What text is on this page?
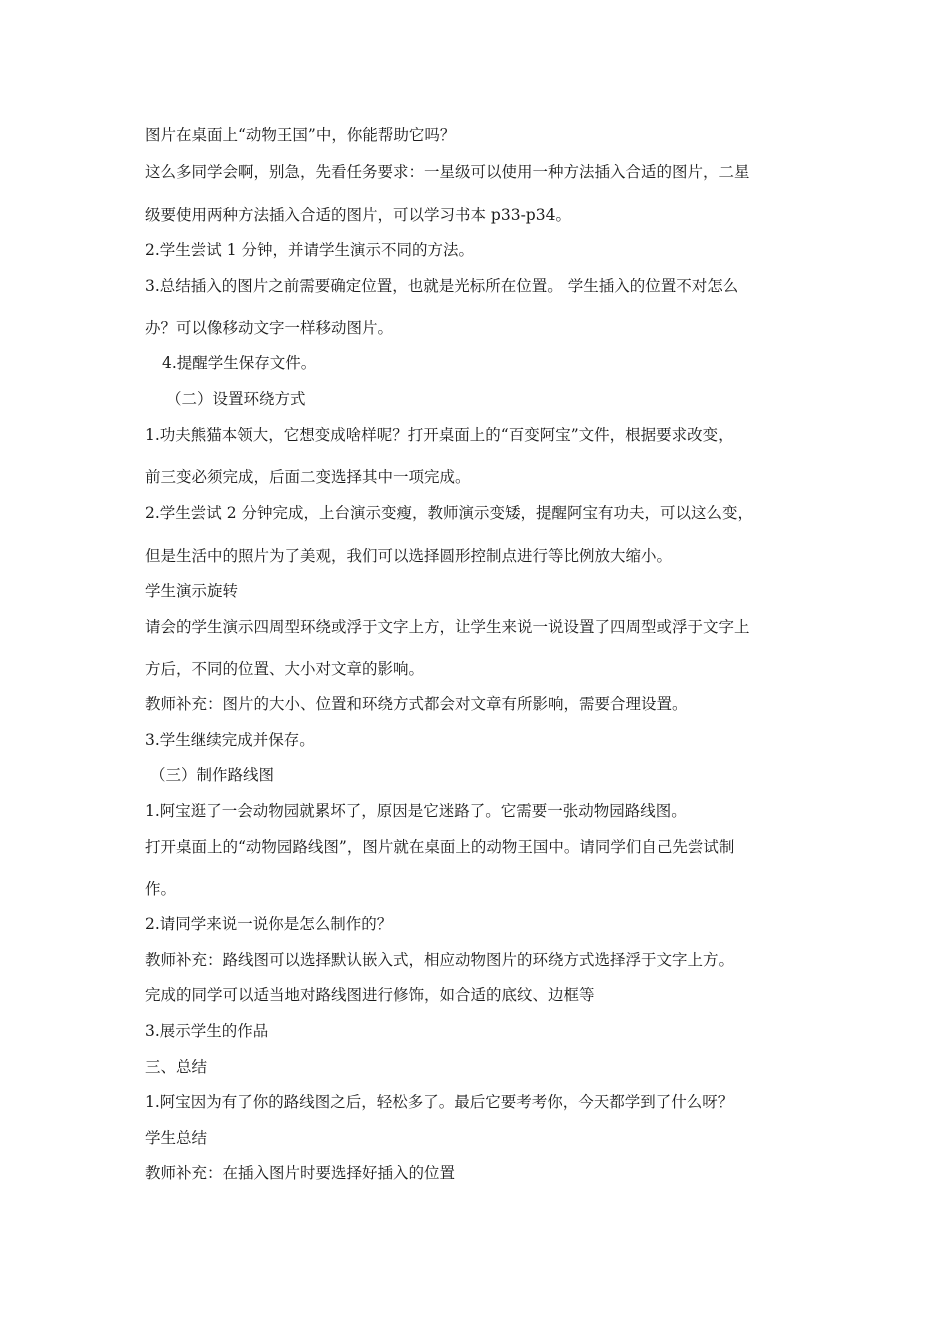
图片在桌面上“动物王国”中，你能帮助它吗？
这么多同学会啊，别急，先看任务要求：一星级可以使用一种方法插入合适的图片，二星
级要使用两种方法插入合适的图片，可以学习书本 p33-p34。
2.学生尝试 1 分钟，并请学生演示不同的方法。
3.总结插入的图片之前需要确定位置，也就是光标所在位置。 学生插入的位置不对怎么
办？可以像移动文字一样移动图片。
4.提醒学生保存文件。
（二）设置环绕方式
1.功夫熊猫本领大，它想变成啥样呢？打开桌面上的“百变阿宝”文件，根据要求改变，
前三变必须完成，后面二变选择其中一项完成。
2.学生尝试 2 分钟完成，上台演示变瘦，教师演示变矮，提醒阿宝有功夫，可以这么变，
但是生活中的照片为了美观，我们可以选择圆形控制点进行等比例放大缩小。
学生演示旋转
请会的学生演示四周型环绕或浮于文字上方，让学生来说一说设置了四周型或浮于文字上
方后，不同的位置、大小对文章的影响。
教师补充：图片的大小、位置和环绕方式都会对文章有所影响，需要合理设置。
3.学生继续完成并保存。
（三）制作路线图
1.阿宝逛了一会动物园就累坏了，原因是它迷路了。它需要一张动物园路线图。
打开桌面上的“动物园路线图”，图片就在桌面上的动物王国中。请同学们自己先尝试制
作。
2.请同学来说一说你是怎么制作的？
教师补充：路线图可以选择默认嵌入式，相应动物图片的环绕方式选择浮于文字上方。
完成的同学可以适当地对路线图进行修饰，如合适的底纹、边框等
3.展示学生的作品
三、总结
1.阿宝因为有了你的路线图之后，轻松多了。最后它要考考你，今天都学到了什么呀？
学生总结
教师补充：在插入图片时要选择好插入的位置
